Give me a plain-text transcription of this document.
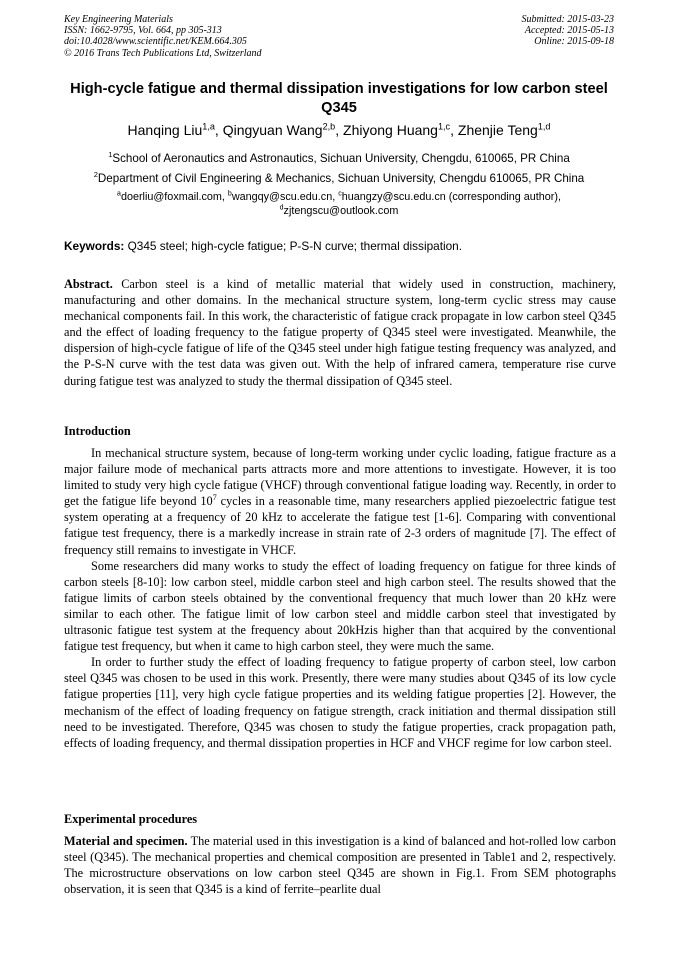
Key Engineering Materials
ISSN: 1662-9795, Vol. 664, pp 305-313
doi:10.4028/www.scientific.net/KEM.664.305
© 2016 Trans Tech Publications Ltd, Switzerland
Submitted: 2015-03-23
Accepted: 2015-05-13
Online: 2015-09-18
High-cycle fatigue and thermal dissipation investigations for low carbon steel Q345
Hanqing Liu$^{1,a}$, Qingyuan Wang$^{2,b}$, Zhiyong Huang$^{1,c}$, Zhenjie Teng$^{1,d}$
$^1$School of Aeronautics and Astronautics, Sichuan University, Chengdu, 610065, PR China
$^2$Department of Civil Engineering & Mechanics, Sichuan University, Chengdu 610065, PR China
$^a$doerliu@foxmail.com, $^b$wangqy@scu.edu.cn, $^c$huangzy@scu.edu.cn (corresponding author),
$^d$zjtengscu@outlook.com
Keywords: Q345 steel; high-cycle fatigue; P-S-N curve; thermal dissipation.

Abstract. Carbon steel is a kind of metallic material that widely used in construction, machinery, manufacturing and other domains. In the mechanical structure system, long-term cyclic stress may cause mechanical components fail. In this work, the characteristic of fatigue crack propagate in low carbon steel Q345 and the effect of loading frequency to the fatigue property of Q345 steel were investigated. Meanwhile, the dispersion of high-cycle fatigue of life of the Q345 steel under high fatigue testing frequency was analyzed, and the P-S-N curve with the test data was given out. With the help of infrared camera, temperature rise curve during fatigue test was analyzed to study the thermal dissipation of Q345 steel.

Introduction

In mechanical structure system, because of long-term working under cyclic loading, fatigue fracture as a major failure mode of mechanical parts attracts more and more attentions to investigate. However, it is too limited to study very high cycle fatigue (VHCF) through conventional fatigue loading way. Recently, in order to get the fatigue life beyond $10^7$ cycles in a reasonable time, many researchers applied piezoelectric fatigue test system operating at a frequency of 20 kHz to accelerate the fatigue test [1-6]. Comparing with conventional fatigue test frequency, there is a markedly increase in strain rate of 2-3 orders of magnitude [7]. The effect of frequency still remains to investigate in VHCF.

Some researchers did many works to study the effect of loading frequency on fatigue for three kinds of carbon steels [8-10]: low carbon steel, middle carbon steel and high carbon steel. The results showed that the fatigue limits of carbon steels obtained by the conventional frequency that much lower than 20 kHz were similar to each other. The fatigue limit of low carbon steel and middle carbon steel that investigated by ultrasonic fatigue test system at the frequency about 20kHzis higher than that acquired by the conventional fatigue test frequency, but when it came to high carbon steel, they were much the same.

In order to further study the effect of loading frequency to fatigue property of carbon steel, low carbon steel Q345 was chosen to be used in this work. Presently, there were many studies about Q345 of its low cycle fatigue properties [11], very high cycle fatigue properties and its welding fatigue properties [2]. However, the mechanism of the effect of loading frequency on fatigue strength, crack initiation and thermal dissipation still need to be investigated. Therefore, Q345 was chosen to study the fatigue properties, crack propagation path, effects of loading frequency, and thermal dissipation properties in HCF and VHCF regime for low carbon steel.

Experimental procedures

Material and specimen. The material used in this investigation is a kind of balanced and hot-rolled low carbon steel (Q345). The mechanical properties and chemical composition are presented in Table1 and 2, respectively. The microstructure observations on low carbon steel Q345 are shown in Fig.1. From SEM photographs observation, it is seen that Q345 is a kind of ferrite–pearlite dual
